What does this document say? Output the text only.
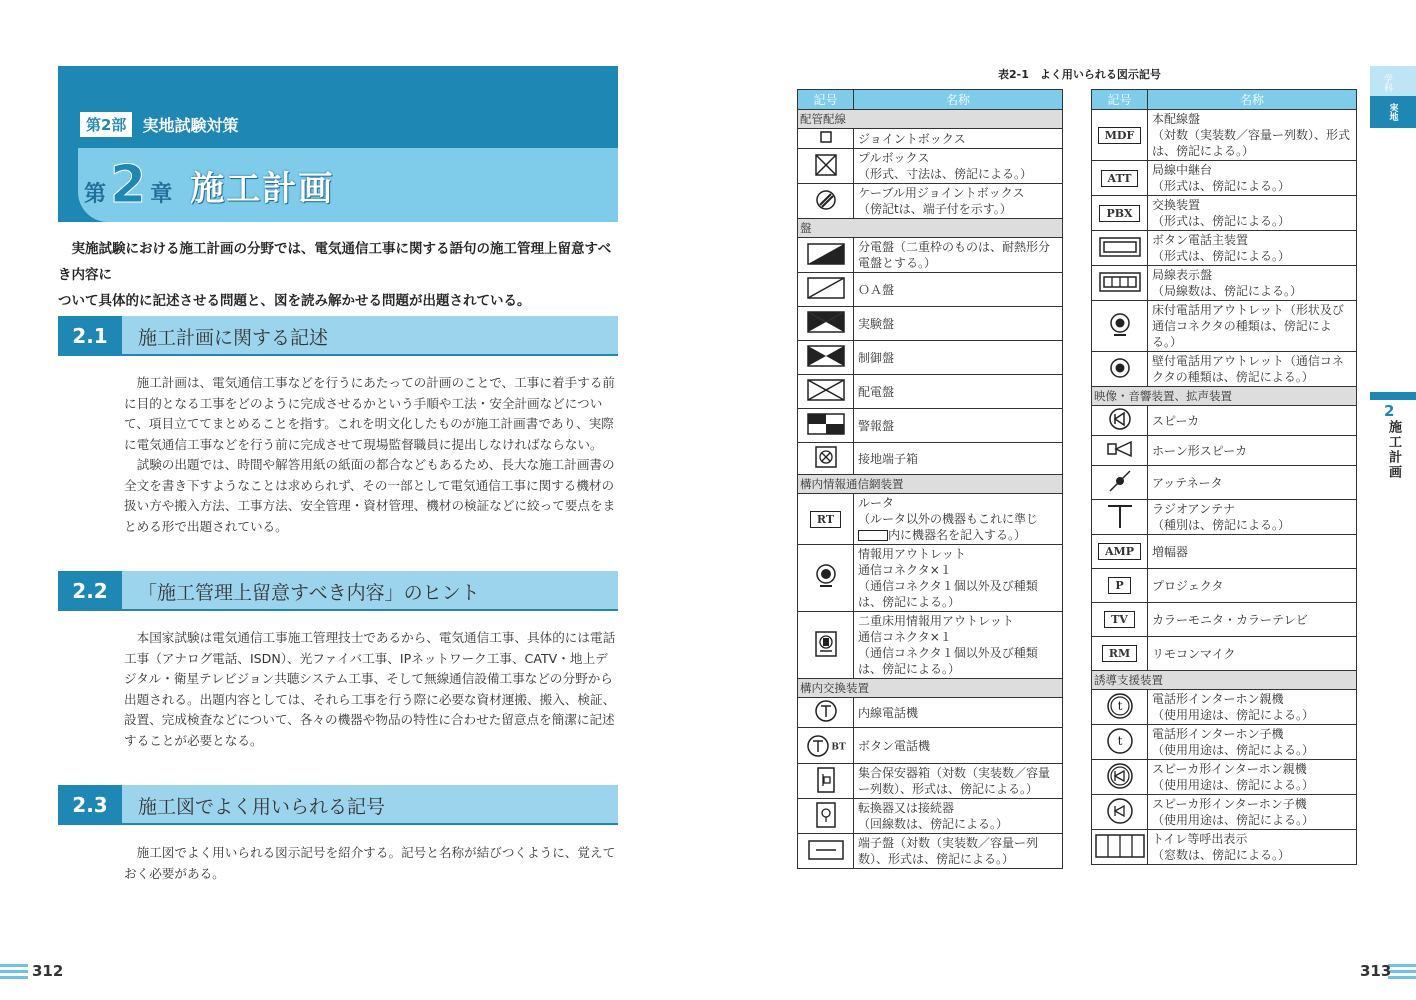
第2部	実地試験対策
第 2 章 施工計画

実施試験における施工計画の分野では、電気通信工事に関する語句の施工管理上留意すべき内容に

ついて具体的に記述させる問題と、図を読み解かせる問題が出題されている。
2.1	施工計画に関する記述

施工計画は、電気通信工事などを行うにあたっての計画のことで、工事に着手する前

に目的となる工事をどのように完成させるかという手順や工法・安全計画などについ
て、項目立ててまとめることを指す。これを明文化したものが施工計画書であり、実際
に電気通信工事などを行う前に完成させて現場監督職員に提出しなければならない。

試験の出題では、時間や解答用紙の紙面の都合などもあるため、長大な施工計画書の

全文を書き下すようなことは求められず、その一部として電気通信工事に関する機材の
扱い方や搬入方法、工事方法、安全管理・資材管理、機材の検証などに絞って要点をま
とめる形で出題されている。
2.2	「施工管理上留意すべき内容」のヒント

本国家試験は電気通信工事施工管理技士であるから、電気通信工事、具体的には電話

工事（アナログ電話、ISDN）、光ファイバ工事、IPネットワーク工事、CATV・地上デ
ジタル・衛星テレビジョン共聴システム工事、そして無線通信設備工事などの分野から
出題される。出題内容としては、それら工事を行う際に必要な資材運搬、搬入、検証、
設置、完成検査などについて、各々の機器や物品の特性に合わせた留意点を簡潔に記述
することが必要となる。
2.3	施工図でよく用いられる記号

施工図でよく用いられる図示記号を紹介する。記号と名称が結びつくように、覚えて

おく必要がある。
312
表2-1　よく用いられる図示記号
記号	名称
配管配線	
	ジョイントボックス

プルボックス
（形式、寸法は、傍記による。）

ケーブル用ジョイントボックス
（傍記tは、端子付を示す。）

盤	

分電盤（二重枠のものは、耐熱形分
電盤とする。）

	ＯＡ盤
	実験盤
	制御盤
	配電盤
	警報盤
	接地端子箱
構内情報通信網装置	
RT	ルータ
（ルータ以外の機器もこれに準じ
内に機器名を記入する。）

情報用アウトレット
通信コネクタ×１
（通信コネクタ１個以外及び種類
は、傍記による。）

二重床用情報用アウトレット
通信コネクタ×１
（通信コネクタ１個以外及び種類
は、傍記による。）

構内交換装置	
	内線電話機
BT	ボタン電話機

集合保安器箱（対数（実装数／容量
ー列数）、形式は、傍記による。）

転換器又は接続器
（回線数は、傍記による。）

端子盤（対数（実装数／容量ー列
数）、形式は、傍記による。）
記号	名称
MDF	本配線盤
（対数（実装数／容量ー列数）、形式
は、傍記による。）

ATT	局線中継台
（形式は、傍記による。）

PBX	交換装置
（形式は、傍記による。）

ボタン電話主装置
（形式は、傍記による。）

局線表示盤
（局線数は、傍記による。）

床付電話用アウトレット（形状及び
通信コネクタの種類は、傍記によ
る。）

壁付電話用アウトレット（通信コネ
クタの種類は、傍記による。）

映像・音響装置、拡声装置	
	スピーカ
	ホーン形スピーカ
	アッテネータ

ラジオアンテナ
（種別は、傍記による。）

AMP	増幅器
P	プロジェクタ
TV	カラーモニタ・カラーテレビ
RM	リモコンマイク
誘導支援装置	

t	電話形インターホン親機
（使用用途は、傍記による。）

t	電話形インターホン子機
（使用用途は、傍記による。）

スピーカ形インターホン親機
（使用用途は、傍記による。）

スピーカ形インターホン子機
（使用用途は、傍記による。）

トイレ等呼出表示
（窓数は、傍記による。）
学科
実地
2
施工計画
313
